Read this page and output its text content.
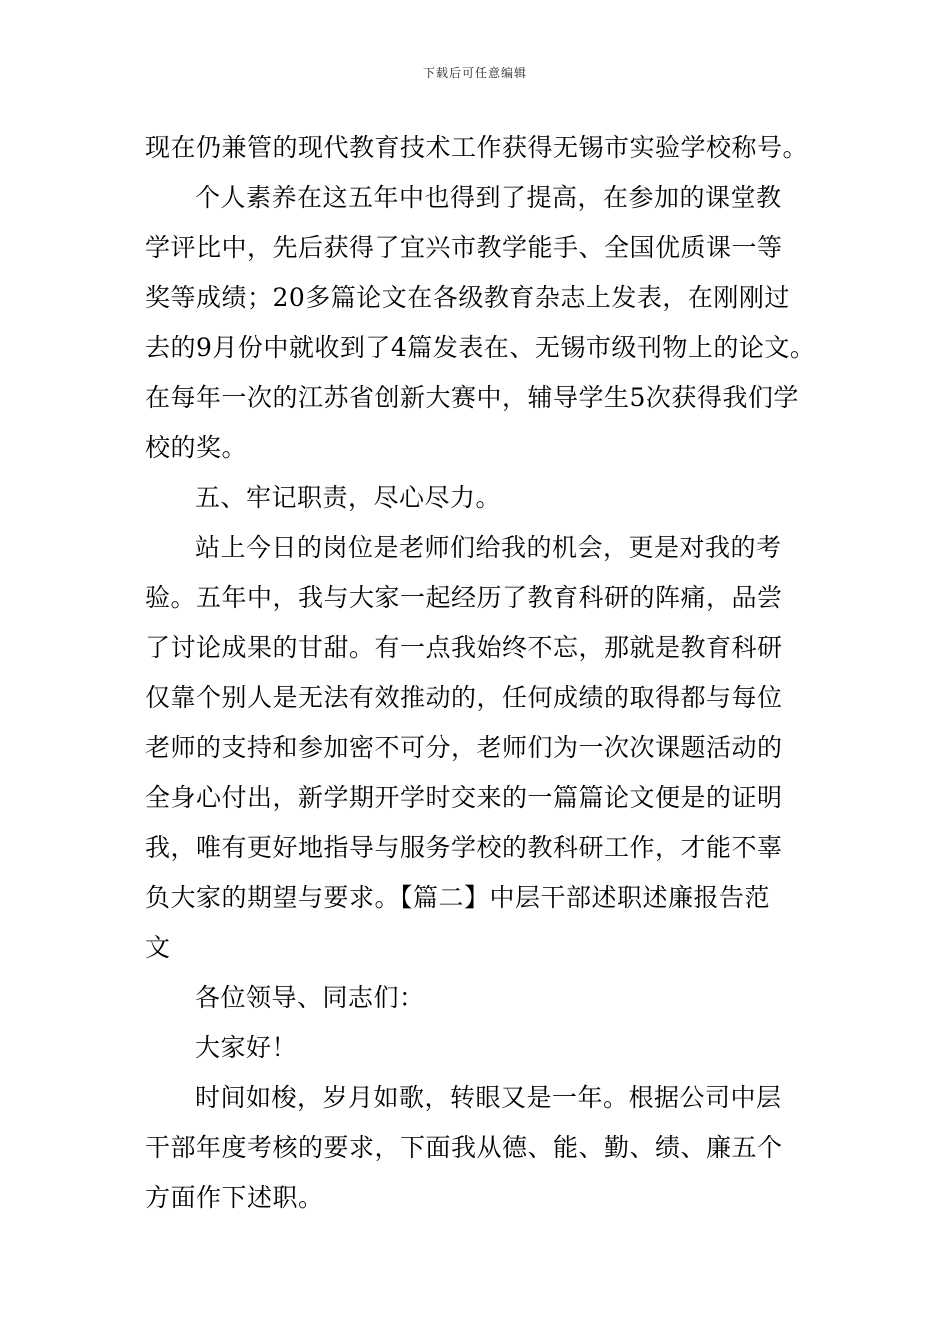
下载后可任意编辑
现在仍兼管的现代教育技术工作获得无锡市实验学校称号。
个人素养在这五年中也得到了提高，在参加的课堂教
学评比中，先后获得了宜兴市教学能手、全国优质课一等
奖等成绩；20多篇论文在各级教育杂志上发表，在刚刚过
去的9月份中就收到了4篇发表在、无锡市级刊物上的论文。
在每年一次的江苏省创新大赛中，辅导学生5次获得我们学
校的奖。
五、牢记职责，尽心尽力。
站上今日的岗位是老师们给我的机会，更是对我的考
验。五年中，我与大家一起经历了教育科研的阵痛，品尝
了讨论成果的甘甜。有一点我始终不忘，那就是教育科研
仅靠个别人是无法有效推动的，任何成绩的取得都与每位
老师的支持和参加密不可分，老师们为一次次课题活动的
全身心付出，新学期开学时交来的一篇篇论文便是的证明
我，唯有更好地指导与服务学校的教科研工作，才能不辜
负大家的期望与要求。【篇二】中层干部述职述廉报告范
文
各位领导、同志们：
大家好！
时间如梭，岁月如歌，转眼又是一年。根据公司中层
干部年度考核的要求，下面我从德、能、勤、绩、廉五个
方面作下述职。
